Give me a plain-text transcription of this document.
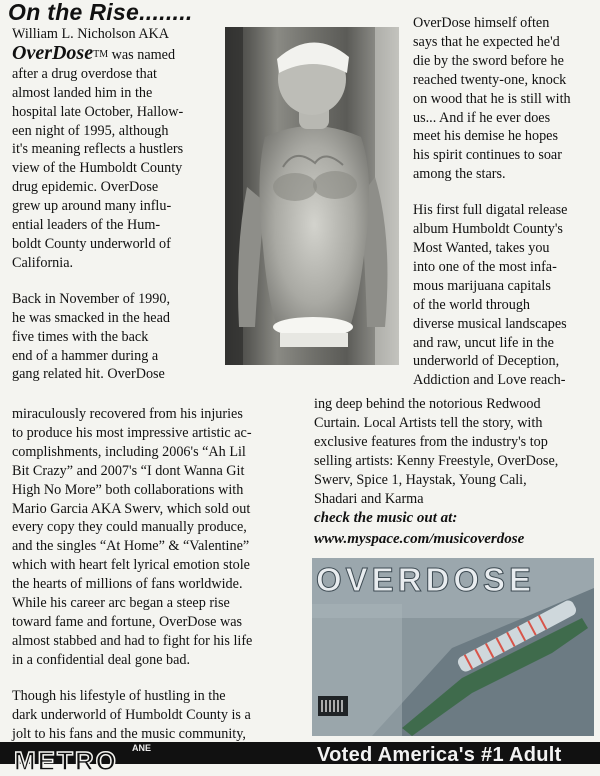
On the Rise........

William L. Nicholson AKA

OverDoseTM was named

after a drug overdose that

almost landed him in the

hospital late October, Hallow-

een night of 1995, although

it's meaning reflects a hustlers

view of the Humboldt County

drug epidemic. OverDose

grew up around many influ-

ential leaders of the Hum-

boldt County underworld of

California.

Back in November of 1990,

he was smacked in the head

five times with the back

end of a hammer during a

gang related hit. OverDose

miraculously recovered from his injuries

to produce his most impressive artistic ac-

complishments, including 2006's “Ah Lil

Bit Crazy” and 2007's “I dont Wanna Git

High No More” both collaborations with

Mario Garcia AKA Swerv, which sold out

every copy they could manually produce,

and the singles “At Home” & “Valentine”

which with heart felt lyrical emotion stole

the hearts of millions of fans worldwide.

While his career arc began a steep rise

toward fame and fortune, OverDose was

almost stabbed and had to fight for his life

in a confidential deal gone bad.

Though his lifestyle of hustling in the

dark underworld of Humboldt County is a

jolt to his fans and the music community,

OverDose himself often

says that he expected he'd

die by the sword before he

reached twenty-one, knock

on wood that he is still with

us... And if he ever does

meet his demise he hopes

his spirit continues to soar

among the stars.

His first full digatal release

album Humboldt County's

Most Wanted, takes you

into one of the most infa-

mous marijuana capitals

of the world through

diverse musical landscapes

and raw, uncut life in the

underworld of Deception,

Addiction and Love reach-

ing deep behind the notorious Redwood

Curtain. Local Artists tell the story, with

exclusive features from the industry's top

selling artists: Kenny Freestyle, OverDose,

Swerv, Spice 1, Haystak, Young Cali,

Shadari and Karma

check the music out at:

www.myspace.com/musicoverdose

OVERDOSE
METRO ANE	Voted America's #1 Adult
